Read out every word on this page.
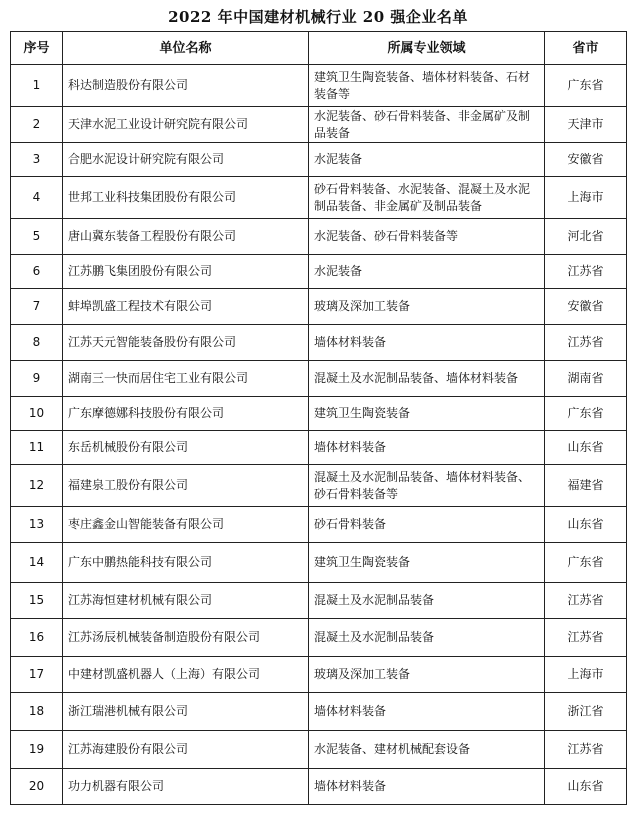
2022 年中国建材机械行业 20 强企业名单
序号	单位名称	所属专业领域	省市
1	科达制造股份有限公司	建筑卫生陶瓷装备、墙体材料装备、石材装备等	广东省
2	天津水泥工业设计研究院有限公司	水泥装备、砂石骨料装备、非金属矿及制品装备	天津市
3	合肥水泥设计研究院有限公司	水泥装备	安徽省
4	世邦工业科技集团股份有限公司	砂石骨料装备、水泥装备、混凝土及水泥制品装备、非金属矿及制品装备	上海市
5	唐山冀东装备工程股份有限公司	水泥装备、砂石骨料装备等	河北省
6	江苏鹏飞集团股份有限公司	水泥装备	江苏省
7	蚌埠凯盛工程技术有限公司	玻璃及深加工装备	安徽省
8	江苏天元智能装备股份有限公司	墙体材料装备	江苏省
9	湖南三一快而居住宅工业有限公司	混凝土及水泥制品装备、墙体材料装备	湖南省
10	广东摩德娜科技股份有限公司	建筑卫生陶瓷装备	广东省
11	东岳机械股份有限公司	墙体材料装备	山东省
12	福建泉工股份有限公司	混凝土及水泥制品装备、墙体材料装备、砂石骨料装备等	福建省
13	枣庄鑫金山智能装备有限公司	砂石骨料装备	山东省
14	广东中鹏热能科技有限公司	建筑卫生陶瓷装备	广东省
15	江苏海恒建材机械有限公司	混凝土及水泥制品装备	江苏省
16	江苏汤辰机械装备制造股份有限公司	混凝土及水泥制品装备	江苏省
17	中建材凯盛机器人（上海）有限公司	玻璃及深加工装备	上海市
18	浙江瑞港机械有限公司	墙体材料装备	浙江省
19	江苏海建股份有限公司	水泥装备、建材机械配套设备	江苏省
20	功力机器有限公司	墙体材料装备	山东省
